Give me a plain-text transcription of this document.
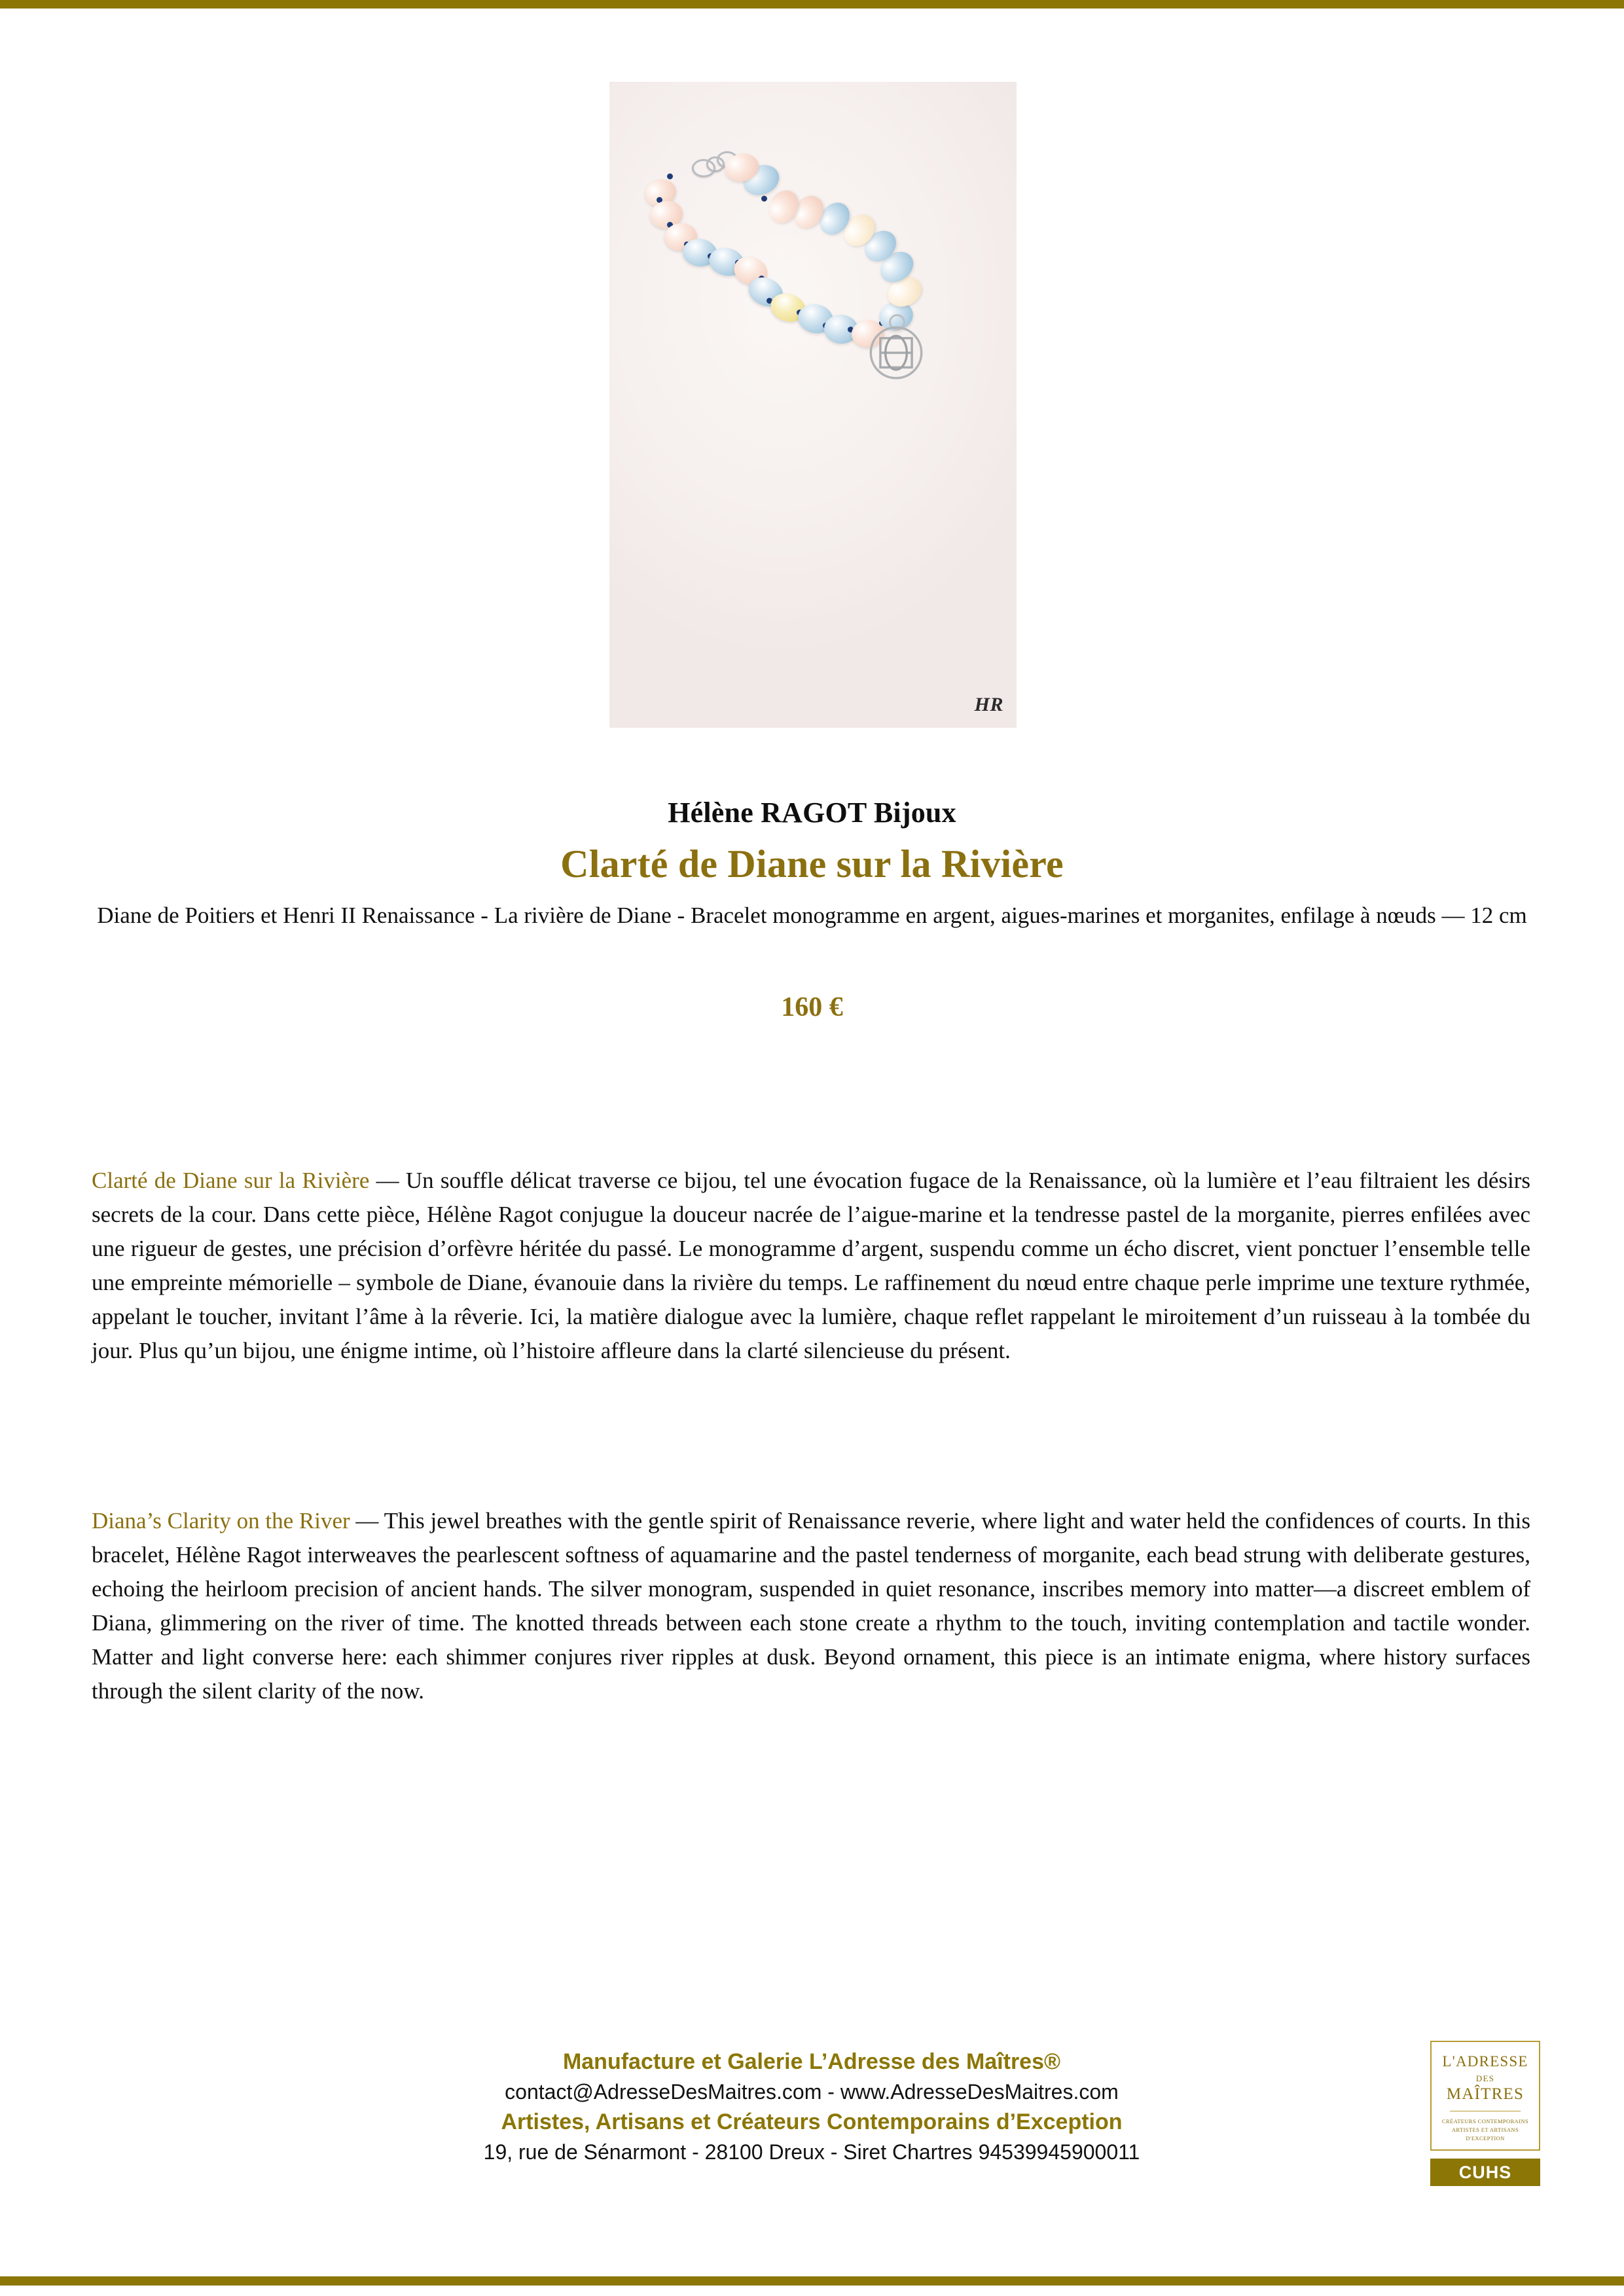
HR
Hélène RAGOT Bijoux
Clarté de Diane sur la Rivière
Diane de Poitiers et Henri II Renaissance - La rivière de Diane - Bracelet monogramme en argent, aigues-marines et morganites, enfilage à nœuds — 12 cm
160 €
Clarté de Diane sur la Rivière — Un souffle délicat traverse ce bijou, tel une évocation fugace de la Renaissance, où la lumière et l’eau filtraient les désirs secrets de la cour. Dans cette pièce, Hélène Ragot conjugue la douceur nacrée de l’aigue-marine et la tendresse pastel de la morganite, pierres enfilées avec une rigueur de gestes, une précision d’orfèvre héritée du passé. Le monogramme d’argent, suspendu comme un écho discret, vient ponctuer l’ensemble telle une empreinte mémorielle – symbole de Diane, évanouie dans la rivière du temps. Le raffinement du nœud entre chaque perle imprime une texture rythmée, appelant le toucher, invitant l’âme à la rêverie. Ici, la matière dialogue avec la lumière, chaque reflet rappelant le miroitement d’un ruisseau à la tombée du jour. Plus qu’un bijou, une énigme intime, où l’histoire affleure dans la clarté silencieuse du présent.
Diana’s Clarity on the River — This jewel breathes with the gentle spirit of Renaissance reverie, where light and water held the confidences of courts. In this bracelet, Hélène Ragot interweaves the pearlescent softness of aquamarine and the pastel tenderness of morganite, each bead strung with deliberate gestures, echoing the heirloom precision of ancient hands. The silver monogram, suspended in quiet resonance, inscribes memory into matter—a discreet emblem of Diana, glimmering on the river of time. The knotted threads between each stone create a rhythm to the touch, inviting contemplation and tactile wonder. Matter and light converse here: each shimmer conjures river ripples at dusk. Beyond ornament, this piece is an intimate enigma, where history surfaces through the silent clarity of the now.
Manufacture et Galerie L’Adresse des Maîtres®
contact@AdresseDesMaitres.com - www.AdresseDesMaitres.com
Artistes, Artisans et Créateurs Contemporains d’Exception
19, rue de Sénarmont - 28100 Dreux - Siret Chartres 94539945900011
L'ADRESSE
DES
MAÎTRES
CRÉATEURS CONTEMPORAINS
ARTISTES ET ARTISANS
D'EXCEPTION
CUHS
